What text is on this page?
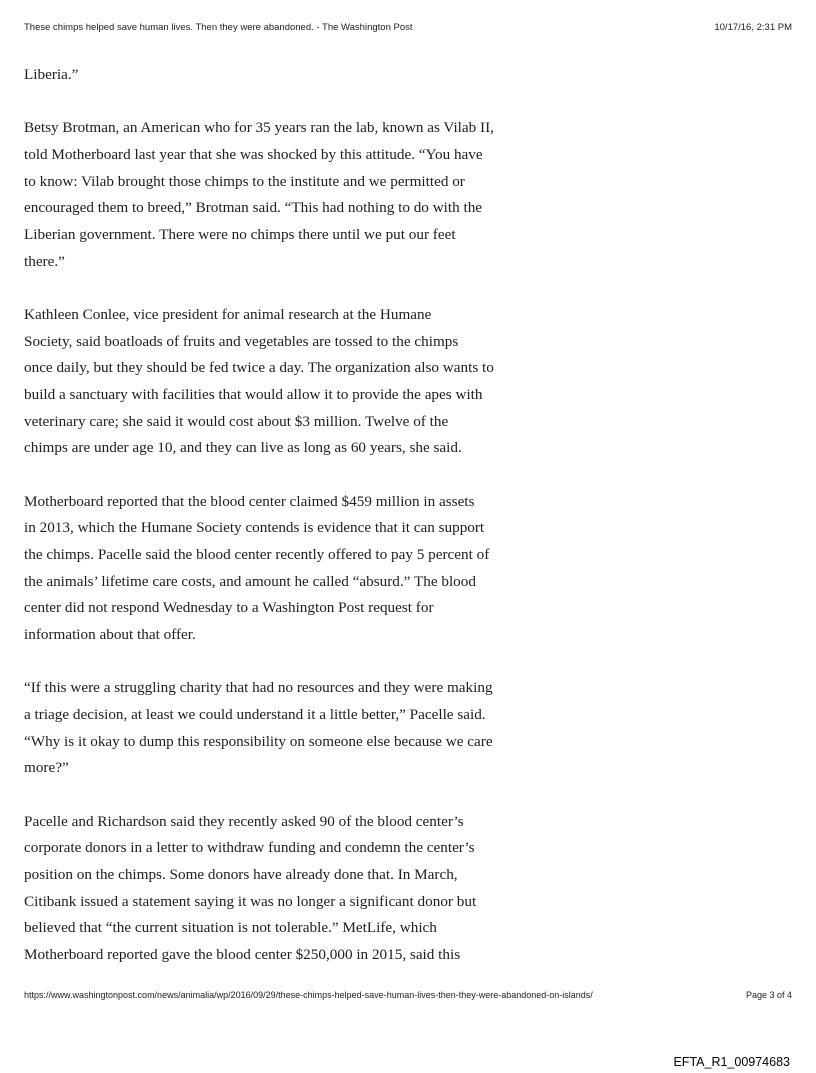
These chimps helped save human lives. Then they were abandoned. - The Washington Post	10/17/16, 2:31 PM

Liberia.”

Betsy Brotman, an American who for 35 years ran the lab, known as Vilab II,
told Motherboard last year that she was shocked by this attitude. “You have
to know: Vilab brought those chimps to the institute and we permitted or
encouraged them to breed,” Brotman said. “This had nothing to do with the
Liberian government. There were no chimps there until we put our feet
there.”

Kathleen Conlee, vice president for animal research at the Humane
Society, said boatloads of fruits and vegetables are tossed to the chimps
once daily, but they should be fed twice a day. The organization also wants to
build a sanctuary with facilities that would allow it to provide the apes with
veterinary care; she said it would cost about $3 million. Twelve of the
chimps are under age 10, and they can live as long as 60 years, she said.

Motherboard reported that the blood center claimed $459 million in assets
in 2013, which the Humane Society contends is evidence that it can support
the chimps. Pacelle said the blood center recently offered to pay 5 percent of
the animals’ lifetime care costs, and amount he called “absurd.” The blood
center did not respond Wednesday to a Washington Post request for
information about that offer.

“If this were a struggling charity that had no resources and they were making
a triage decision, at least we could understand it a little better,” Pacelle said.
“Why is it okay to dump this responsibility on someone else because we care
more?”

Pacelle and Richardson said they recently asked 90 of the blood center’s
corporate donors in a letter to withdraw funding and condemn the center’s
position on the chimps. Some donors have already done that. In March,
Citibank issued a statement saying it was no longer a significant donor but
believed that “the current situation is not tolerable.” MetLife, which
Motherboard reported gave the blood center $250,000 in 2015, said this

https://www.washingtonpost.com/news/animalia/wp/2016/09/29/these-chimps-helped-save-human-lives-then-they-were-abandoned-on-islands/	Page 3 of 4
EFTA_R1_00974683
